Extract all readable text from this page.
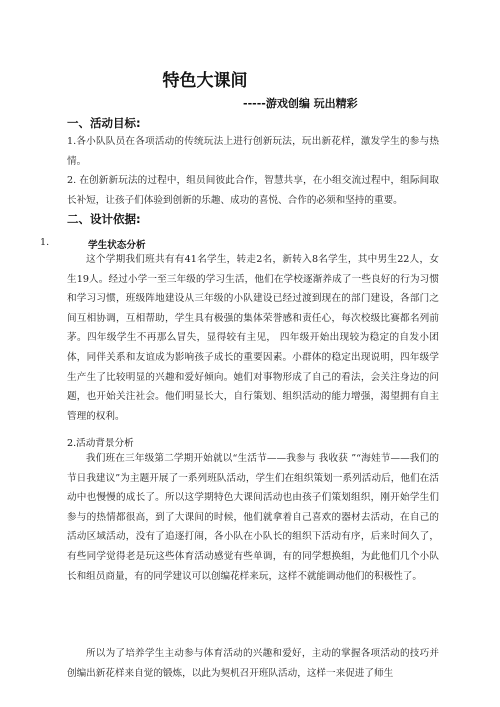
特色大课间

-----游戏创编 玩出精彩

一、活动目标:

1.各小队队员在各项活动的传统玩法上进行创新玩法，玩出新花样，激发学生的参与热情。

2. 在创新新玩法的过程中，组员间彼此合作，智慧共享，在小组交流过程中，组际间取长补短，让孩子们体验到创新的乐趣、成功的喜悦、合作的必须和坚持的重要。

二、设计依据:
1.	学生状态分析

这个学期我们班共有有41名学生，转走2名，新转入8名学生，其中男生22人，女生19人。经过小学一至三年级的学习生活，他们在学校逐渐养成了一些良好的行为习惯和学习习惯，班级阵地建设从三年级的小队建设已经过渡到现在的部门建设，各部门之间互相协调，互相帮助，学生具有极强的集体荣誉感和责任心，每次校级比赛都名列前茅。四年级学生不再那么冒失，显得较有主见， 四年级开始出现较为稳定的自发小团体，同伴关系和友谊成为影响孩子成长的重要因素。小群体的稳定出现说明，四年级学生产生了比较明显的兴趣和爱好倾向。她们对事物形成了自己的看法，会关注身边的问题，也开始关注社会。他们明显长大，自行策划、组织活动的能力增强，渴望拥有自主管理的权利。

2.活动背景分析

我们班在三年级第二学期开始就以“生活节——我参与 我收获 ”“海娃节——我们的节日我建议”为主题开展了一系列班队活动，学生们在组织策划一系列活动后，他们在活动中也慢慢的成长了。所以这学期特色大课间活动也由孩子们策划组织，刚开始学生们参与的热情都很高，到了大课间的时候，他们就拿着自己喜欢的器材去活动，在自己的活动区域活动，没有了追逐打闹，各小队在小队长的组织下活动有序，后来时间久了，有些同学觉得老是玩这些体育活动感觉有些单调，有的同学想换组，为此他们几个小队长和组员商量，有的同学建议可以创编花样来玩，这样不就能调动他们的积极性了。

所以为了培养学生主动参与体育活动的兴趣和爱好，主动的掌握各项活动的技巧并创编出新花样来自觉的锻炼，以此为契机召开班队活动，这样一来促进了师生
